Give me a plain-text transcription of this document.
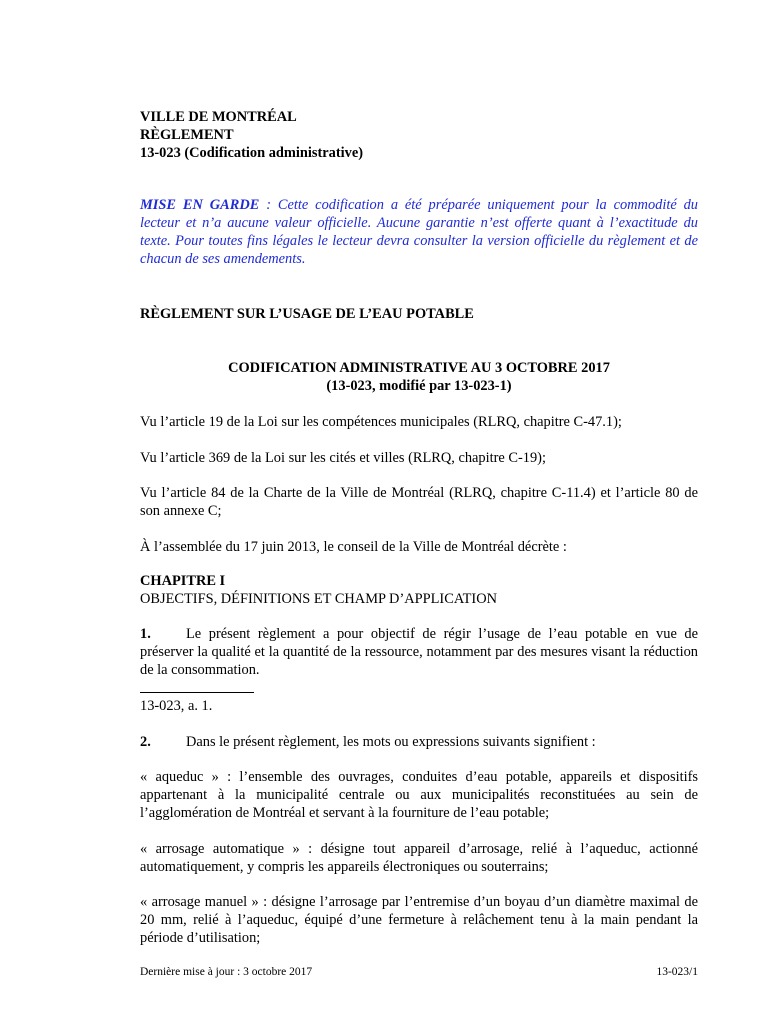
VILLE DE MONTRÉAL
RÈGLEMENT
13-023 (Codification administrative)

MISE EN GARDE : Cette codification a été préparée uniquement pour la commodité du lecteur et n’a aucune valeur officielle. Aucune garantie n’est offerte quant à l’exactitude du texte. Pour toutes fins légales le lecteur devra consulter la version officielle du règlement et de chacun de ses amendements.

RÈGLEMENT SUR L’USAGE DE L’EAU POTABLE
CODIFICATION ADMINISTRATIVE AU 3 OCTOBRE 2017
(13-023, modifié par 13-023-1)

Vu l’article 19 de la Loi sur les compétences municipales (RLRQ, chapitre C-47.1);

Vu l’article 369 de la Loi sur les cités et villes (RLRQ, chapitre C-19);

Vu l’article 84 de la Charte de la Ville de Montréal (RLRQ, chapitre C-11.4) et l’article 80 de son annexe C;

À l’assemblée du 17 juin 2013, le conseil de la Ville de Montréal décrète :

CHAPITRE I
OBJECTIFS, DÉFINITIONS ET CHAMP D’APPLICATION

1. Le présent règlement a pour objectif de régir l’usage de l’eau potable en vue de préserver la qualité et la quantité de la ressource, notamment par des mesures visant la réduction de la consommation.

13-023, a. 1.

2. Dans le présent règlement, les mots ou expressions suivants signifient :

« aqueduc » : l’ensemble des ouvrages, conduites d’eau potable, appareils et dispositifs appartenant à la municipalité centrale ou aux municipalités reconstituées au sein de l’agglomération de Montréal et servant à la fourniture de l’eau potable;

« arrosage automatique » : désigne tout appareil d’arrosage, relié à l’aqueduc, actionné automatiquement, y compris les appareils électroniques ou souterrains;

« arrosage manuel » : désigne l’arrosage par l’entremise d’un boyau d’un diamètre maximal de 20 mm, relié à l’aqueduc, équipé d’une fermeture à relâchement tenu à la main pendant la période d’utilisation;

Dernière mise à jour : 3 octobre 2017	13-023/1
